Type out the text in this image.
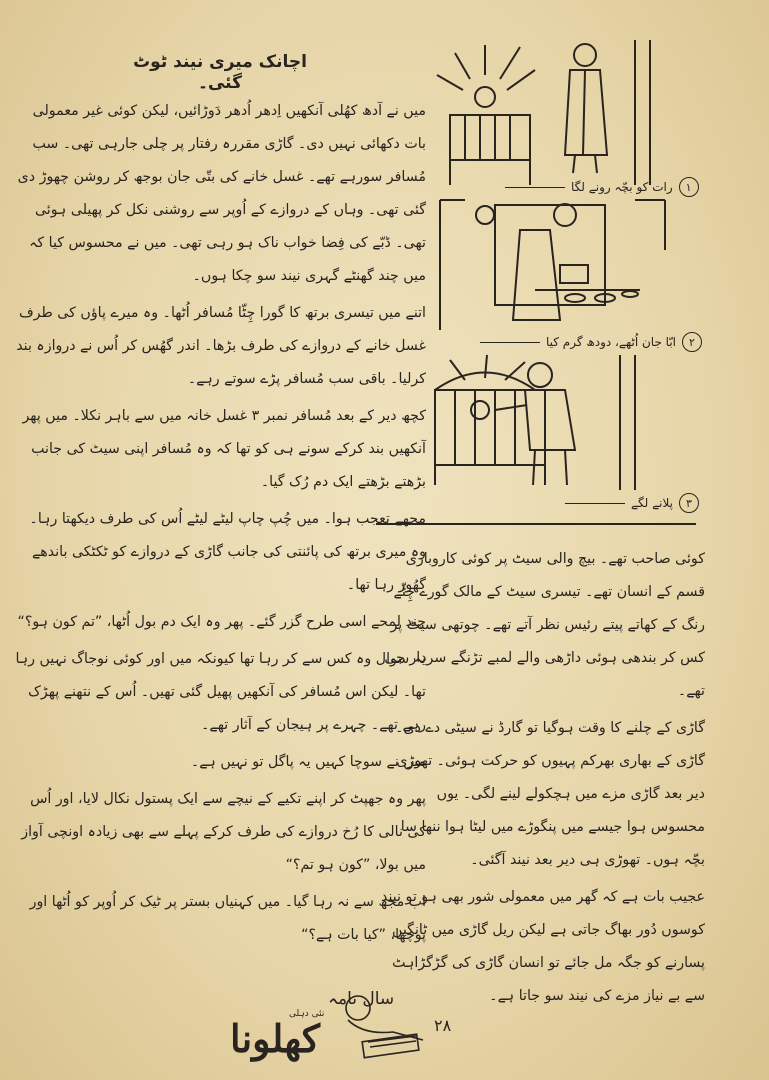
۱
رات کو بچّہ رونے لگا
۲
ابّا جان اُٹھے، دودھ گرم کیا
۳
پلانے لگے
اچانک میری نیند ٹوٹ گئی۔

میں نے آدھ کھُلی آنکھیں اِدھر اُدھر دَوڑائیں، لیکن کوئی غیر معمولی بات دکھائی نہیں دی۔ گاڑی مقررہ رفتار پر چلی جارہی تھی۔ سب مُسافر سورہے تھے۔ غسل خانے کی بتّی جان بوجھ کر روشن چھوڑ دی گئی تھی۔ وہاں کے دروازے کے اُوپر سے روشنی نکل کر پھیلی ہوئی تھی۔ ڈبّے کی فِضا خواب ناک ہو رہی تھی۔ میں نے محسوس کیا کہ میں چند گھنٹے گہری نیند سو چکا ہوں۔

اتنے میں تیسری برتھ کا گورا چِٹّا مُسافر اُٹھا۔ وہ میرے پاؤں کی طرف غسل خانے کے دروازے کی طرف بڑھا۔ اندر گھُس کر اُس نے دروازہ بند کرلیا۔ باقی سب مُسافر پڑے سوتے رہے۔

کچھ دیر کے بعد مُسافر نمبر ۳ غسل خانہ میں سے باہر نکلا۔ میں پھر آنکھیں بند کرکے سونے ہی کو تھا کہ وہ مُسافر اپنی سیٹ کی جانب بڑھتے بڑھتے ایک دم رُک گیا۔

مجھے تعجب ہوا۔ میں چُپ چاپ لیٹے لیٹے اُس کی طرف دیکھتا رہا۔ وہ میری برتھ کی پائنتی کی جانب گاڑی کے دروازے کو ٹکٹکی باندھے گھُور رہا تھا۔

چند لمحے اسی طرح گزر گئے۔ پھر وہ ایک دم بول اُٹھا، ”تم کون ہو؟“

یہ سوال وہ کس سے کر رہا تھا کیونکہ میں اور کوئی نوجاگ نہیں رہا تھا۔ لیکن اس مُسافر کی آنکھیں پھیل گئی تھیں۔ اُس کے نتھنے پھڑک رہے تھے۔ چہرے پر ہیجان کے آثار تھے۔

میں نے سوچا کہیں یہ پاگل تو نہیں ہے۔

پھر وہ جھپٹ کر اپنے تکیے کے نیچے سے ایک پستول نکال لایا، اور اُس کی نالی کا رُخ دروازے کی طرف کرکے پہلے سے بھی زیادہ اونچی آواز میں بولا، ”کون ہو تم؟“

اب مجھ سے نہ رہا گیا۔ میں کہنیاں بستر پر ٹیک کر اُوپر کو اُٹھا اور پوچھا، ”کیا بات ہے؟“

کوئی صاحب تھے۔ بیچ والی سیٹ پر کوئی کاروباری قسم کے انسان تھے۔ تیسری سیٹ کے مالک گورے چِٹّے رنگ کے کھاتے پیتے رئیس نظر آتے تھے۔ چوتھی سیٹ پر کس کر بندھی ہوئی داڑھی والے لمبے تڑنگے سردار جی تھے۔

گاڑی کے چلنے کا وقت ہوگیا تو گارڈ نے سیٹی دے دی۔ گاڑی کے بھاری بھرکم پہیوں کو حرکت ہوئی۔ تھوڑی دیر بعد گاڑی مزے میں ہچکولے لینے لگی۔ یوں محسوس ہوا جیسے میں پنگوڑے میں لیٹا ہوا ننھا سا بچّہ ہوں۔ تھوڑی ہی دیر بعد نیند آگئی۔

عجیب بات ہے کہ گھر میں معمولی شور بھی ہو تو نیند کوسوں دُور بھاگ جاتی ہے لیکن ریل گاڑی میں ٹانگیں پسارنے کو جگہ مل جائے تو انسان گاڑی کی گڑگڑاہٹ سے بے نیاز مزے کی نیند سو جاتا ہے۔

سال نامہ
نئی دہلی
کھلونا	۲۸
